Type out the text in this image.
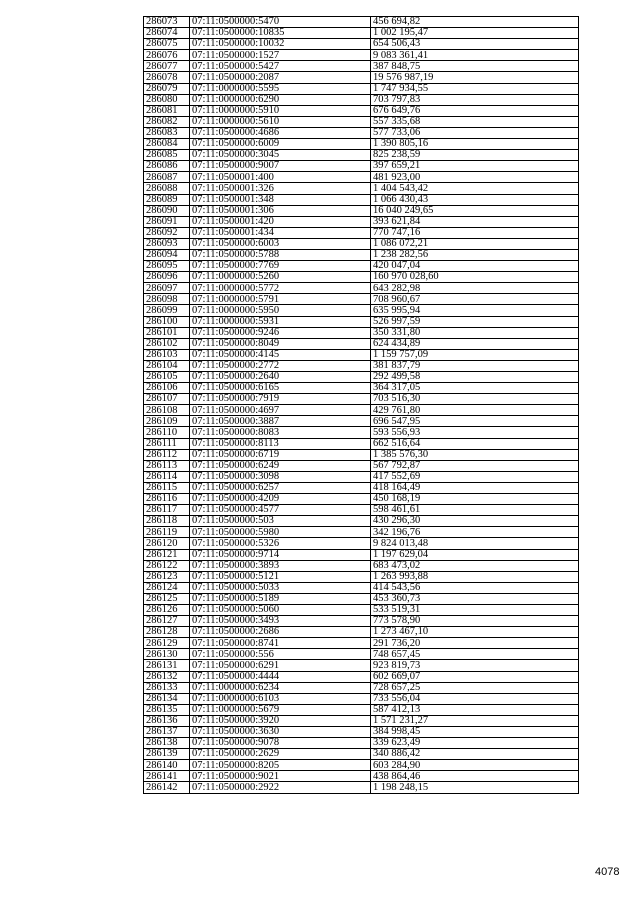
286073	07:11:0500000:5470	456 694,82
286074	07:11:0500000:10835	1 002 195,47
286075	07:11:0500000:10032	654 506,43
286076	07:11:0500000:1527	9 083 361,41
286077	07:11:0500000:5427	387 848,75
286078	07:11:0500000:2087	19 576 987,19
286079	07:11:0000000:5595	1 747 934,55
286080	07:11:0000000:6290	703 797,83
286081	07:11:0000000:5910	676 649,76
286082	07:11:0000000:5610	557 335,68
286083	07:11:0500000:4686	577 733,06
286084	07:11:0500000:6009	1 390 805,16
286085	07:11:0500000:3045	825 238,59
286086	07:11:0500000:9007	397 659,21
286087	07:11:0500001:400	481 923,00
286088	07:11:0500001:326	1 404 543,42
286089	07:11:0500001:348	1 066 430,43
286090	07:11:0500001:306	16 040 249,65
286091	07:11:0500001:420	393 621,84
286092	07:11:0500001:434	770 747,16
286093	07:11:0500000:6003	1 086 072,21
286094	07:11:0500000:5788	1 238 282,56
286095	07:11:0500000:7769	420 047,04
286096	07:11:0000000:5260	160 970 028,60
286097	07:11:0000000:5772	643 282,98
286098	07:11:0000000:5791	708 960,67
286099	07:11:0000000:5950	635 995,94
286100	07:11:0000000:5931	526 997,59
286101	07:11:0500000:9246	350 331,80
286102	07:11:0500000:8049	624 434,89
286103	07:11:0500000:4145	1 159 757,09
286104	07:11:0500000:2772	381 837,79
286105	07:11:0500000:2640	292 499,58
286106	07:11:0500000:6165	364 317,05
286107	07:11:0500000:7919	703 516,30
286108	07:11:0500000:4697	429 761,80
286109	07:11:0500000:3887	696 547,95
286110	07:11:0500000:8083	593 556,93
286111	07:11:0500000:8113	662 516,64
286112	07:11:0500000:6719	1 385 576,30
286113	07:11:0500000:6249	567 792,87
286114	07:11:0500000:3098	417 552,69
286115	07:11:0500000:6257	418 164,49
286116	07:11:0500000:4209	450 168,19
286117	07:11:0500000:4577	598 461,61
286118	07:11:0500000:503	430 296,30
286119	07:11:0500000:5980	342 196,76
286120	07:11:0500000:5326	9 824 013,48
286121	07:11:0500000:9714	1 197 629,04
286122	07:11:0500000:3893	683 473,02
286123	07:11:0500000:5121	1 263 993,88
286124	07:11:0500000:5033	414 543,56
286125	07:11:0500000:5189	453 360,73
286126	07:11:0500000:5060	533 519,31
286127	07:11:0500000:3493	773 578,90
286128	07:11:0500000:2686	1 273 467,10
286129	07:11:0500000:8741	291 736,20
286130	07:11:0500000:556	748 657,45
286131	07:11:0500000:6291	923 819,73
286132	07:11:0500000:4444	602 669,07
286133	07:11:0000000:6234	728 657,25
286134	07:11:0000000:6103	733 556,04
286135	07:11:0000000:5679	587 412,13
286136	07:11:0500000:3920	1 571 231,27
286137	07:11:0500000:3630	384 998,45
286138	07:11:0500000:9078	339 623,49
286139	07:11:0500000:2629	340 886,42
286140	07:11:0500000:8205	603 284,90
286141	07:11:0500000:9021	438 864,46
286142	07:11:0500000:2922	1 198 248,15
4078
